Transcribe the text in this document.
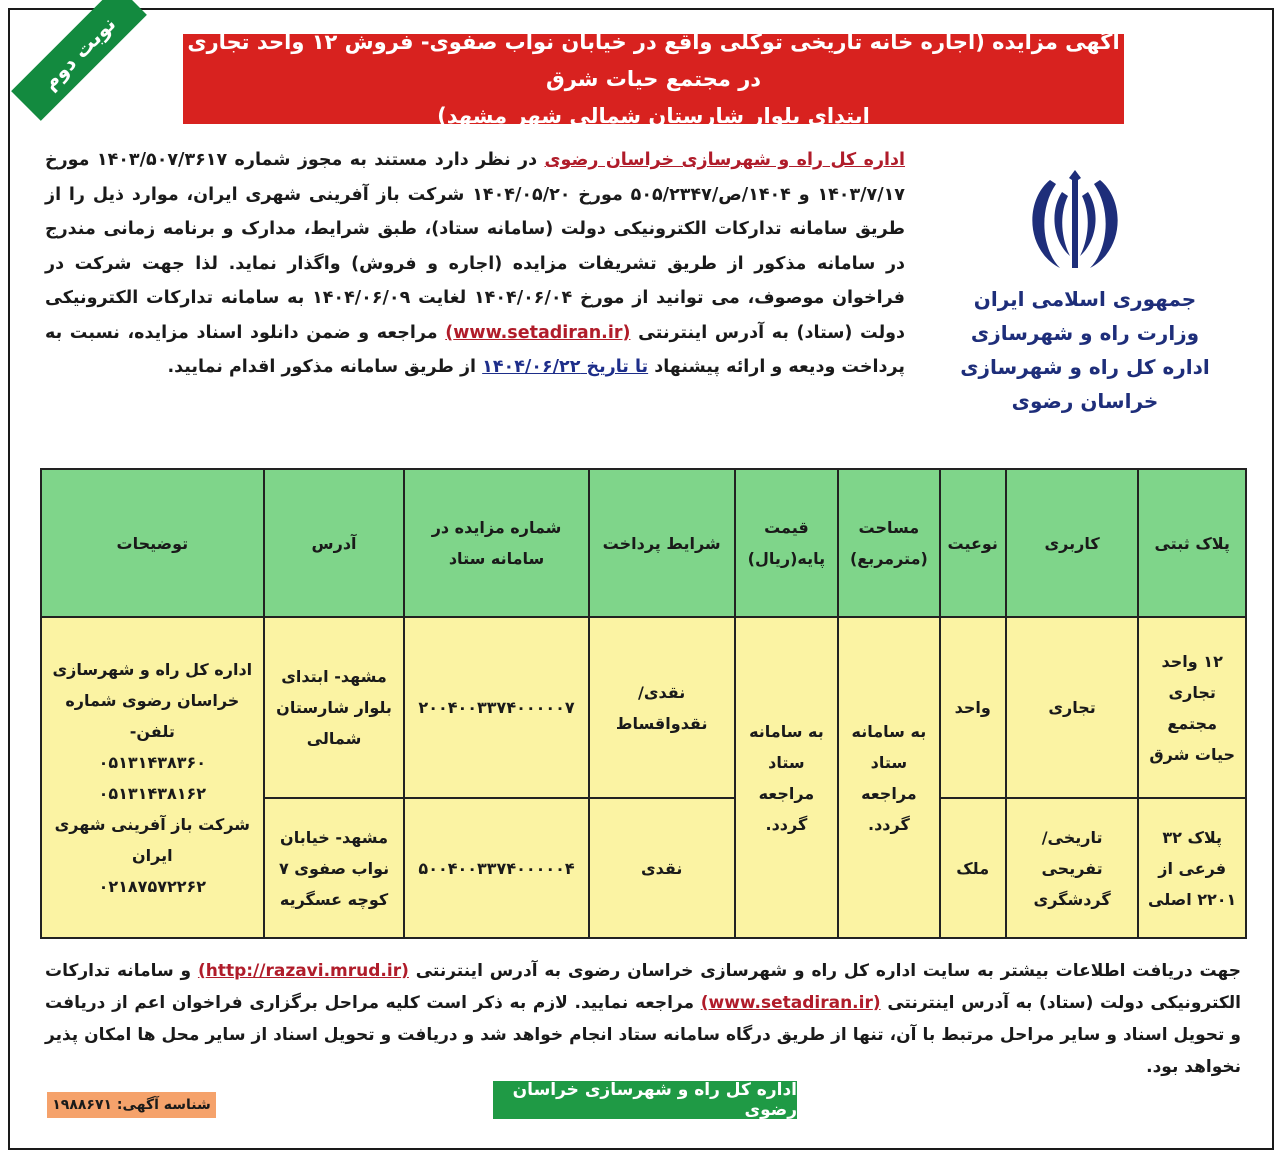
نوبت دوم	آگهی مزایده (اجاره خانه تاریخی توکلی واقع در خیابان نواب صفوی- فروش ۱۲ واحد تجاری در مجتمع حیات شرق
ابتدای بلوار شارستان شمالی شهر مشهد)
جمهوری اسلامی ایران
وزارت راه و شهرسازی
اداره کل راه و شهرسازی خراسان رضوی
اداره کل راه و شهرسازی خراسان رضوی در نظر دارد مستند به مجوز شماره ۱۴۰۳/۵۰۷/۳۶۱۷ مورخ ۱۴۰۳/۷/۱۷ و ۱۴۰۴/ص/۵۰۵/۲۳۴۷ مورخ ۱۴۰۴/۰۵/۲۰ شرکت باز آفرینی شهری ایران، موارد ذیل را از طریق سامانه تدارکات الکترونیکی دولت (سامانه ستاد)، طبق شرایط، مدارک و برنامه زمانی مندرج در سامانه مذکور از طریق تشریفات مزایده (اجاره و فروش) واگذار نماید. لذا جهت شرکت در فراخوان موصوف، می توانید از مورخ ۱۴۰۴/۰۶/۰۴ لغایت ۱۴۰۴/۰۶/۰۹ به سامانه تدارکات الکترونیکی دولت (ستاد) به آدرس اینترنتی (www.setadiran.ir) مراجعه و ضمن دانلود اسناد مزایده، نسبت به پرداخت ودیعه و ارائه پیشنهاد تا تاریخ ۱۴۰۴/۰۶/۲۲ از طریق سامانه مذکور اقدام نمایید.
پلاک ثبتی	کاربری	نوعیت	مساحت (مترمربع)	قیمت پایه(ریال)	شرایط پرداخت	شماره مزایده در سامانه ستاد	آدرس	توضیحات
۱۲ واحد تجاری مجتمع حیات شرق	تجاری	واحد	به سامانه ستاد مراجعه گردد.	به سامانه ستاد مراجعه گردد.	نقدی/نقدواقساط	۲۰۰۴۰۰۳۳۷۴۰۰۰۰۰۷	مشهد- ابتدای بلوار شارستان شمالی	اداره کل راه و شهرسازی خراسان رضوی شماره تلفن-
۰۵۱۳۱۴۳۸۳۶۰
۰۵۱۳۱۴۳۸۱۶۲
شرکت باز آفرینی شهری ایران
۰۲۱۸۷۵۷۲۲۶۲

پلاک ۳۲ فرعی از ۲۲۰۱ اصلی	تاریخی/تفریحی گردشگری	ملک			نقدی	۵۰۰۴۰۰۳۳۷۴۰۰۰۰۰۴	مشهد- خیابان نواب صفوی ۷ کوچه عسگریه	
جهت دریافت اطلاعات بیشتر به سایت اداره کل راه و شهرسازی خراسان رضوی به آدرس اینترنتی (http://razavi.mrud.ir) و سامانه تدارکات الکترونیکی دولت (ستاد) به آدرس اینترنتی (www.setadiran.ir) مراجعه نمایید. لازم به ذکر است کلیه مراحل برگزاری فراخوان اعم از دریافت و تحویل اسناد و سایر مراحل مرتبط با آن، تنها از طریق درگاه سامانه ستاد انجام خواهد شد و دریافت و تحویل اسناد از سایر محل ها امکان پذیر نخواهد بود.
اداره کل راه و شهرسازی خراسان رضوی
شناسه آگهی: ۱۹۸۸۶۷۱
